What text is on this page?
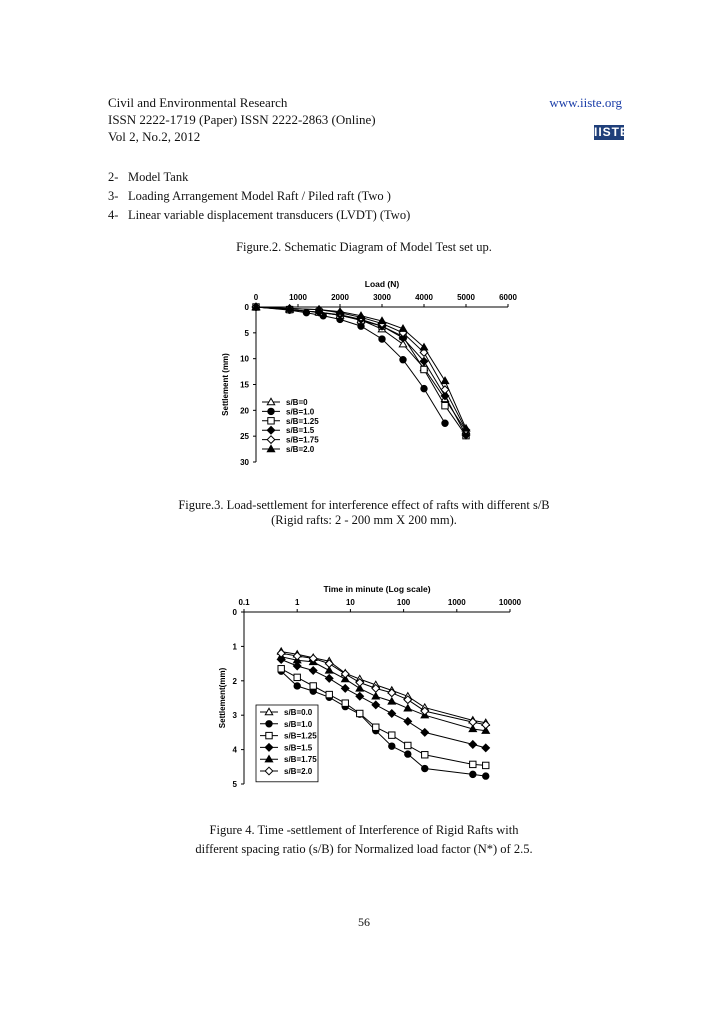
Civil and Environmental Research
ISSN 2222-1719 (Paper) ISSN 2222-2863 (Online)
Vol 2, No.2, 2012
www.iiste.org
IISTE
2- Model Tank
3- Loading Arrangement Model Raft / Piled raft (Two )
4- Linear variable displacement transducers (LVDT) (Two)
Figure.2. Schematic Diagram of Model Test set up.
Load (N)
0	1000	2000	3000	4000	5000	6000
0
5
10
15
20
25
30
Settlement (mm)	s/B=0
s/B=1.0
s/B=1.25
s/B=1.5
s/B=1.75
s/B=2.0
Figure.3. Load-settlement for interference effect of rafts with different s/B
(Rigid rafts: 2 - 200 mm X 200 mm).
Time in minute (Log scale)
0.1	1	10	100	1000	10000
0
1
2
3
4
5
Settlement(mm)	s/B=0.0
s/B=1.0
s/B=1.25
s/B=1.5
s/B=1.75
s/B=2.0
Figure 4. Time -settlement of Interference of Rigid Rafts with
different spacing ratio (s/B) for Normalized load factor (N*) of 2.5.
56
